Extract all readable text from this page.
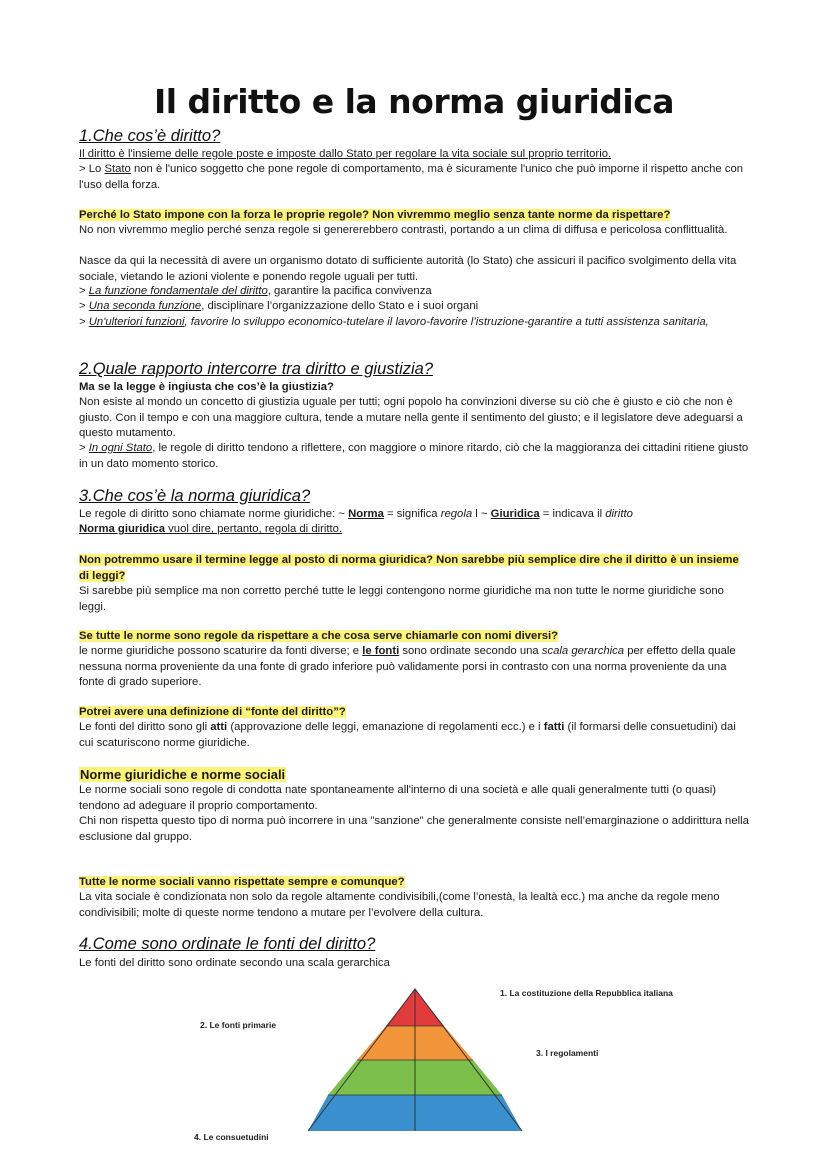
Il diritto e la norma giuridica
1.Che cos’è diritto?

Il diritto è l'insieme delle regole poste e imposte dallo Stato per regolare la vita sociale sul proprio territorio.

> Lo Stato non è l'unico soggetto che pone regole di comportamento, ma è sicuramente l'unico che può imporne il rispetto anche con l'uso della forza.

Perché lo Stato impone con la forza le proprie regole? Non vivremmo meglio senza tante norme da rispettare?

No non vivremmo meglio perché senza regole si genererebbero contrasti, portando a un clima di diffusa e pericolosa conflittualità.

Nasce da qui la necessità di avere un organismo dotato di sufficiente autorità (lo Stato) che assicuri il pacifico svolgimento della vita sociale, vietando le azioni violente e ponendo regole uguali per tutti.

> La funzione fondamentale del diritto, garantire la pacifica convivenza

> Una seconda funzione, disciplinare l’organizzazione dello Stato e i suoi organi

> Un'ulteriori funzioni, favorire lo sviluppo economico-tutelare il lavoro-favorire l’istruzione-garantire a tutti assistenza sanitaria,

2.Quale rapporto intercorre tra diritto e giustizia?

Ma se la legge è ingiusta che cos’è la giustizia?

Non esiste al mondo un concetto di giustizia uguale per tutti; ogni popolo ha convinzioni diverse su ciò che è giusto e ciò che non è giusto. Con il tempo e con una maggiore cultura, tende a mutare nella gente il sentimento del giusto; e il legislatore deve adeguarsi a questo mutamento.

> In ogni Stato, le regole di diritto tendono a riflettere, con maggiore o minore ritardo, ciò che la maggioranza dei cittadini ritiene giusto in un dato momento storico.

3.Che cos’è la norma giuridica?

Le regole di diritto sono chiamate norme giuridiche: ~ Norma = significa regola l ~ Giuridica = indicava il diritto

Norma giuridica vuol dire, pertanto, regola di diritto.

Non potremmo usare il termine legge al posto di norma giuridica? Non sarebbe più semplice dire che il diritto è un insieme di leggi?

Si sarebbe più semplice ma non corretto perché tutte le leggi contengono norme giuridiche ma non tutte le norme giuridiche sono leggi.

Se tutte le norme sono regole da rispettare a che cosa serve chiamarle con nomi diversi?

le norme giuridiche possono scaturire da fonti diverse; e le fonti sono ordinate secondo una scala gerarchica per effetto della quale nessuna norma proveniente da una fonte di grado inferiore può validamente porsi in contrasto con una norma proveniente da una fonte di grado superiore.

Potrei avere una definizione di “fonte del diritto”?

Le fonti del diritto sono gli atti (approvazione delle leggi, emanazione di regolamenti ecc.) e i fatti (il formarsi delle consuetudini) dai cui scaturiscono norme giuridiche.

Norme giuridiche e norme sociali

Le norme sociali sono regole di condotta nate spontaneamente all'interno di una società e alle quali generalmente tutti (o quasi) tendono ad adeguare il proprio comportamento.

Chi non rispetta questo tipo di norma può incorrere in una "sanzione" che generalmente consiste nell’emarginazione o addirittura nella esclusione dal gruppo.

Tutte le norme sociali vanno rispettate sempre e comunque?

La vita sociale è condizionata non solo da regole altamente condivisibili,(come l’onestà, la lealtà ecc.) ma anche da regole meno condivisibili; molte di queste norme tendono a mutare per l’evolvere della cultura.

4.Come sono ordinate le fonti del diritto?

Le fonti del diritto sono ordinate secondo una scala gerarchica

1. La costituzione della Repubblica italiana
2. Le fonti primarie
3. I regolamenti
4. Le consuetudini
